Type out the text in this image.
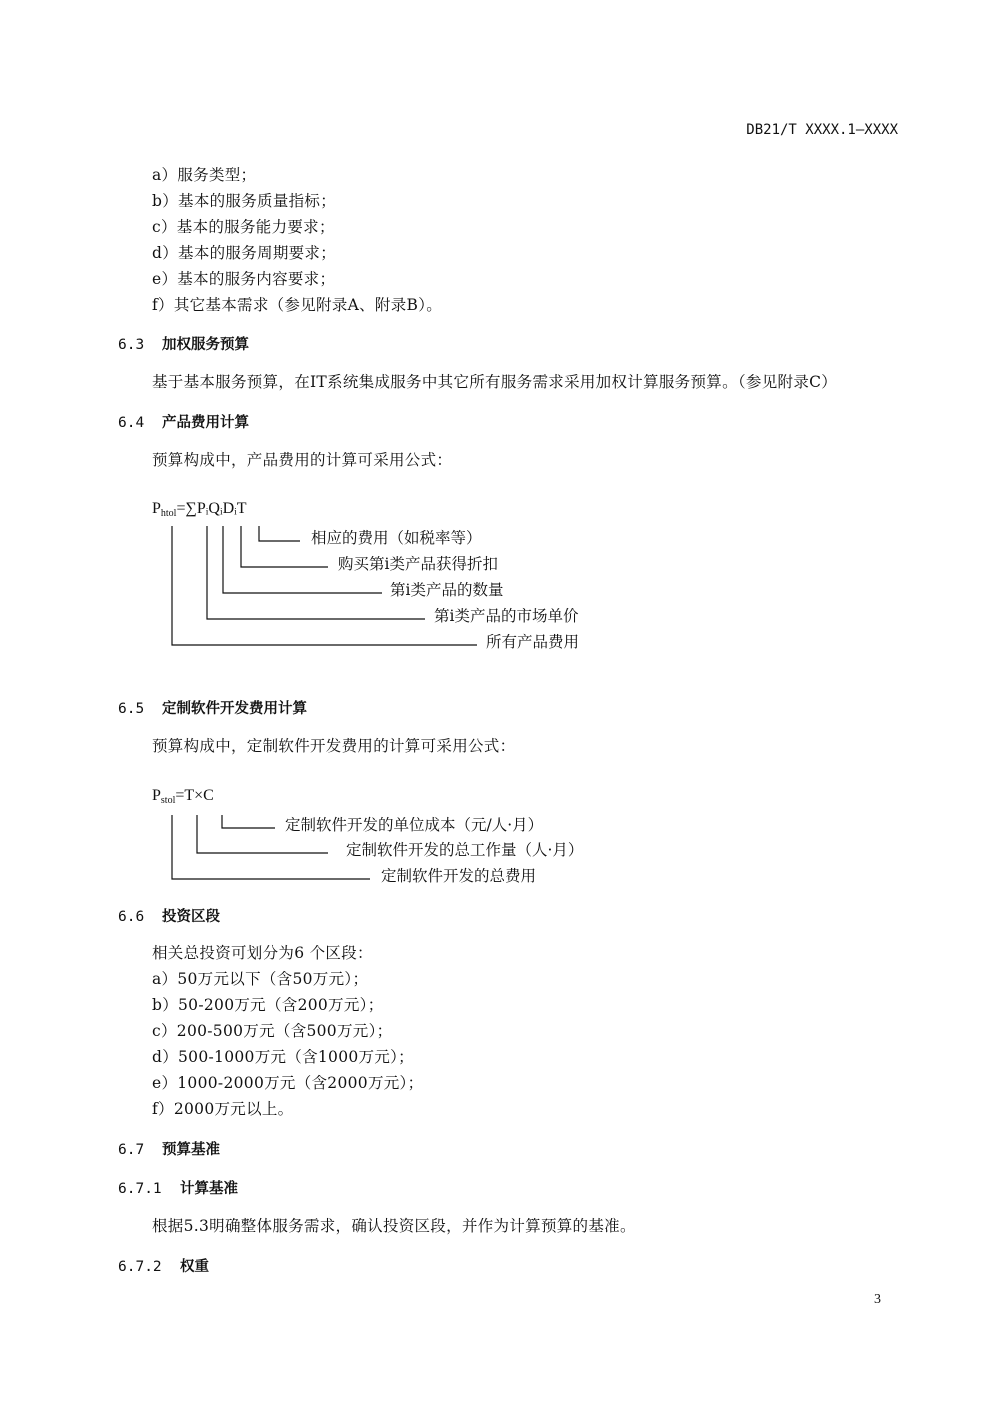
DB21/T XXXX.1—XXXX
a）服务类型；
b）基本的服务质量指标；
c）基本的服务能力要求；
d）基本的服务周期要求；
e）基本的服务内容要求；
f）其它基本需求（参见附录A、附录B）。
6.3 加权服务预算
基于基本服务预算，在IT系统集成服务中其它所有服务需求采用加权计算服务预算。（参见附录C）
6.4 产品费用计算
预算构成中，产品费用的计算可采用公式：
$P_{htol}=\sum PᵢQᵢDᵢT$
相应的费用（如税率等）
购买第i类产品获得折扣
第i类产品的数量
第i类产品的市场单价
所有产品费用
6.5 定制软件开发费用计算
预算构成中，定制软件开发费用的计算可采用公式：
$P_{stol}=T\times C$
定制软件开发的单位成本（元/人·月）
定制软件开发的总工作量（人·月）
定制软件开发的总费用
6.6 投资区段
相关总投资可划分为6 个区段：
a）50万元以下（含50万元）；
b）50-200万元（含200万元）；
c）200-500万元（含500万元）；
d）500-1000万元（含1000万元）；
e）1000-2000万元（含2000万元）；
f）2000万元以上。
6.7 预算基准
6.7.1 计算基准
根据5.3明确整体服务需求，确认投资区段，并作为计算预算的基准。
6.7.2 权重
3
